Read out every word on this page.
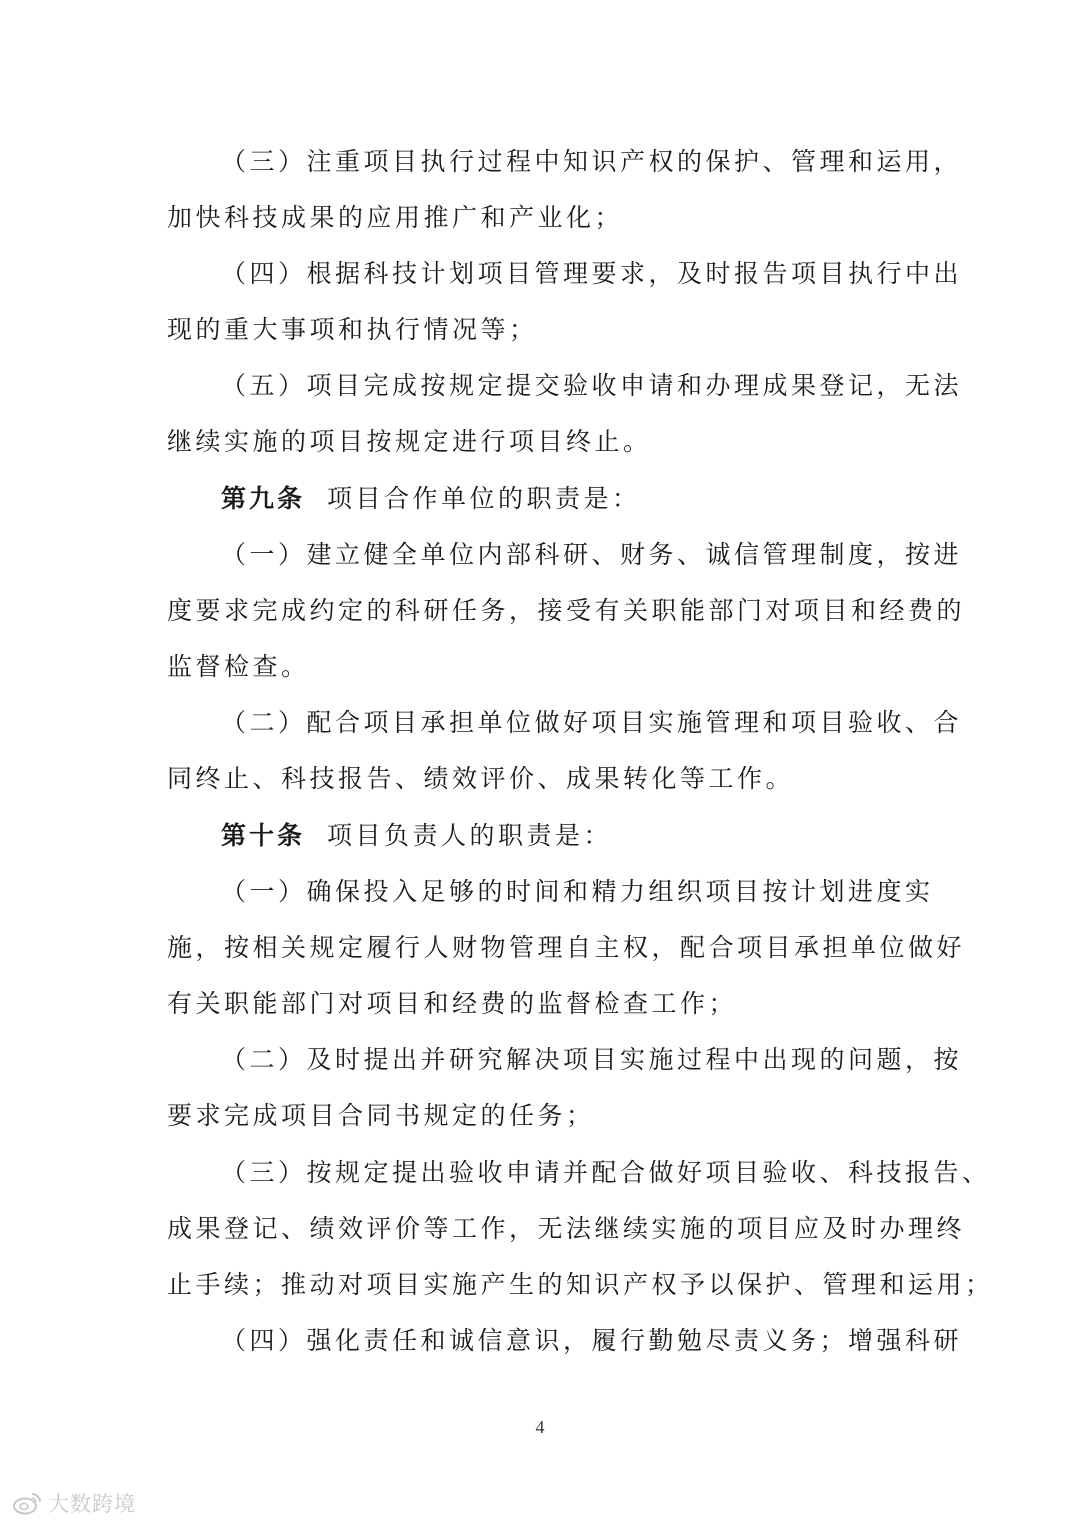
（三）注重项目执行过程中知识产权的保护、管理和运用，
加快科技成果的应用推广和产业化；
（四）根据科技计划项目管理要求，及时报告项目执行中出
现的重大事项和执行情况等；
（五）项目完成按规定提交验收申请和办理成果登记，无法
继续实施的项目按规定进行项目终止。
第九条 项目合作单位的职责是：
（一）建立健全单位内部科研、财务、诚信管理制度，按进
度要求完成约定的科研任务，接受有关职能部门对项目和经费的
监督检查。
（二）配合项目承担单位做好项目实施管理和项目验收、合
同终止、科技报告、绩效评价、成果转化等工作。
第十条 项目负责人的职责是：
（一）确保投入足够的时间和精力组织项目按计划进度实
施，按相关规定履行人财物管理自主权，配合项目承担单位做好
有关职能部门对项目和经费的监督检查工作；
（二）及时提出并研究解决项目实施过程中出现的问题，按
要求完成项目合同书规定的任务；
（三）按规定提出验收申请并配合做好项目验收、科技报告、
成果登记、绩效评价等工作，无法继续实施的项目应及时办理终
止手续；推动对项目实施产生的知识产权予以保护、管理和运用；
（四）强化责任和诚信意识，履行勤勉尽责义务；增强科研
4
大数跨境
